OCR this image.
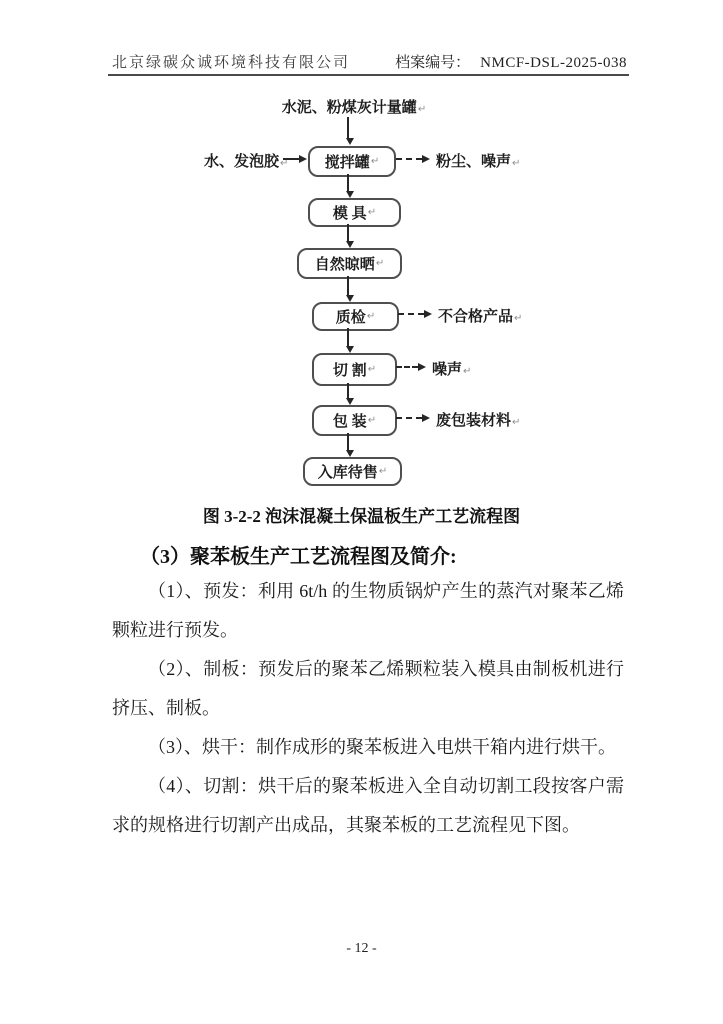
北京绿碳众诚环境科技有限公司	档案编号： NMCF-DSL-2025-038
水泥、粉煤灰计量罐↵
搅拌罐 ↵
水、发泡胶↵	粉尘、噪声↵
模 具 ↵
自然晾晒 ↵
质检 ↵	不合格产品↵
切 割 ↵	噪声↵
包 装 ↵	废包装材料↵
入库待售 ↵
图 3-2-2 泡沫混凝土保温板生产工艺流程图
（3）聚苯板生产工艺流程图及简介:

（1）、预发：利用 6t/h 的生物质锅炉产生的蒸汽对聚苯乙烯颗粒进行预发。

（2）、制板：预发后的聚苯乙烯颗粒装入模具由制板机进行挤压、制板。

（3）、烘干：制作成形的聚苯板进入电烘干箱内进行烘干。

（4）、切割：烘干后的聚苯板进入全自动切割工段按客户需求的规格进行切割产出成品，其聚苯板的工艺流程见下图。

- 12 -
